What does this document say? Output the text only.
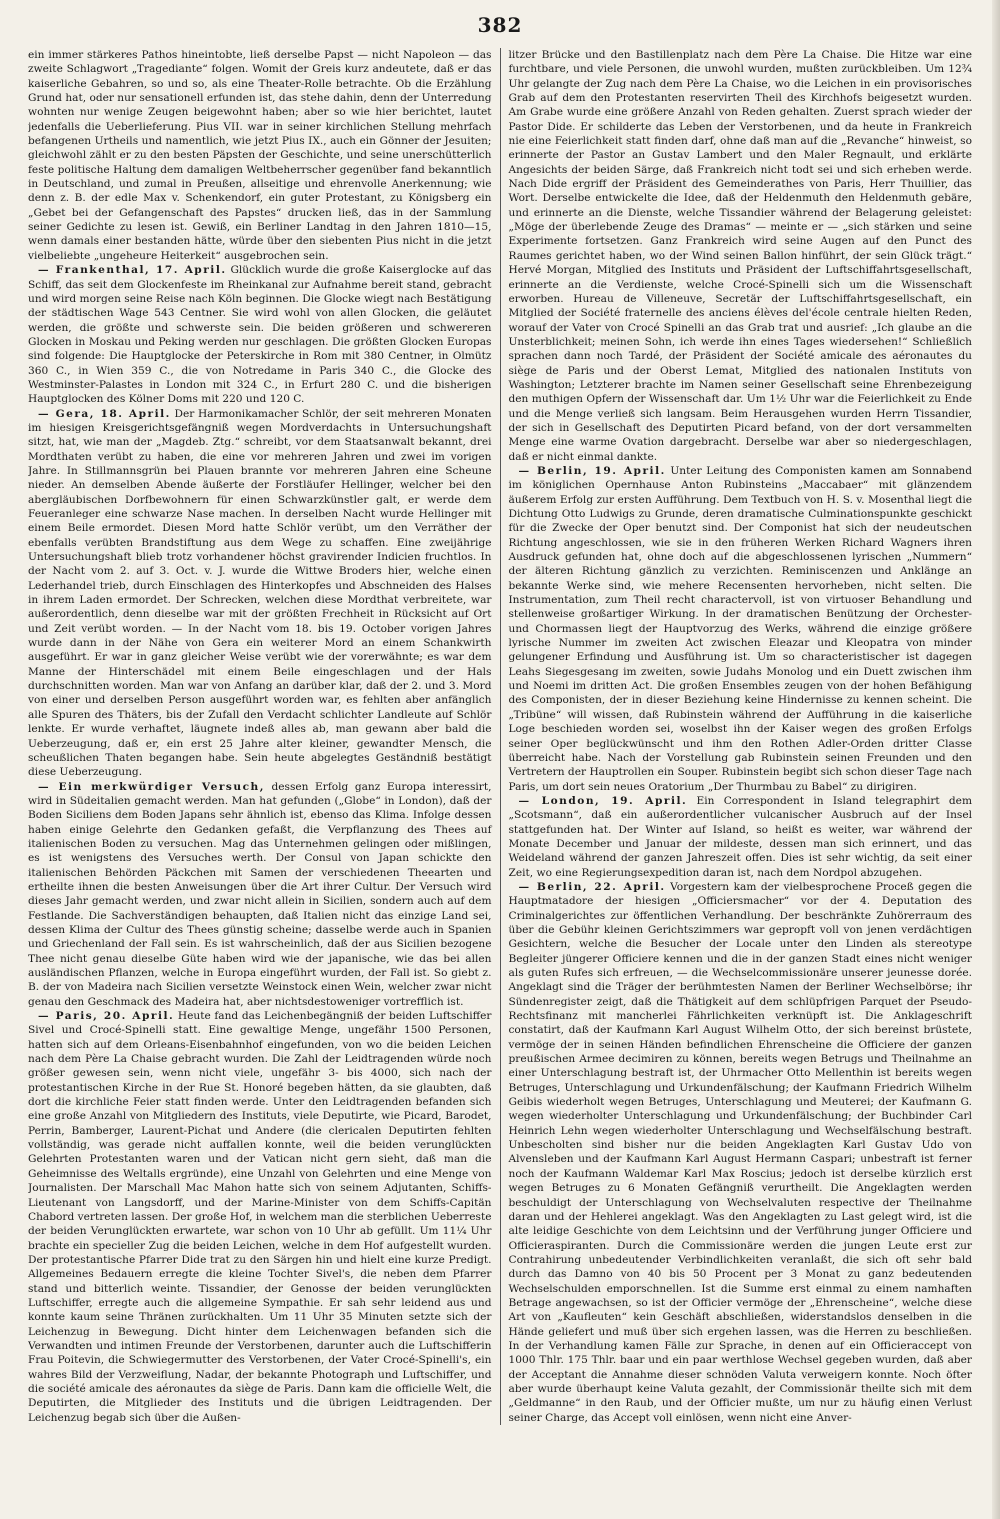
382

ein immer stärkeres Pathos hineintobte, ließ derselbe Papst — nicht Napoleon — das zweite Schlagwort „Tragediante“ folgen. Womit der Greis kurz andeutete, daß er das kaiserliche Gebahren, so und so, als eine Theater-Rolle betrachte. Ob die Erzählung Grund hat, oder nur sensationell erfunden ist, das stehe dahin, denn der Unterredung wohnten nur wenige Zeugen beigewohnt haben; aber so wie hier berichtet, lautet jedenfalls die Ueberlieferung. Pius VII. war in seiner kirchlichen Stellung mehrfach befangenen Urtheils und namentlich, wie jetzt Pius IX., auch ein Gönner der Jesuiten; gleichwohl zählt er zu den besten Päpsten der Geschichte, und seine unerschütterlich feste politische Haltung dem damaligen Weltbeherrscher gegenüber fand bekanntlich in Deutschland, und zumal in Preußen, allseitige und ehrenvolle Anerkennung; wie denn z. B. der edle Max v. Schenkendorf, ein guter Protestant, zu Königsberg ein „Gebet bei der Gefangenschaft des Papstes“ drucken ließ, das in der Sammlung seiner Gedichte zu lesen ist. Gewiß, ein Berliner Landtag in den Jahren 1810—15, wenn damals einer bestanden hätte, würde über den siebenten Pius nicht in die jetzt vielbeliebte „ungeheure Heiterkeit“ ausgebrochen sein.

— Frankenthal, 17. April. Glücklich wurde die große Kaiserglocke auf das Schiff, das seit dem Glockenfeste im Rheinkanal zur Aufnahme bereit stand, gebracht und wird morgen seine Reise nach Köln beginnen. Die Glocke wiegt nach Bestätigung der städtischen Wage 543 Centner. Sie wird wohl von allen Glocken, die geläutet werden, die größte und schwerste sein. Die beiden größeren und schwereren Glocken in Moskau und Peking werden nur geschlagen. Die größten Glocken Europas sind folgende: Die Hauptglocke der Peterskirche in Rom mit 380 Centner, in Olmütz 360 C., in Wien 359 C., die von Notredame in Paris 340 C., die Glocke des Westminster-Palastes in London mit 324 C., in Erfurt 280 C. und die bisherigen Hauptglocken des Kölner Doms mit 220 und 120 C.

— Gera, 18. April. Der Harmonikamacher Schlör, der seit mehreren Monaten im hiesigen Kreisgerichtsgefängniß wegen Mordverdachts in Untersuchungshaft sitzt, hat, wie man der „Magdeb. Ztg.“ schreibt, vor dem Staatsanwalt bekannt, drei Mordthaten verübt zu haben, die eine vor mehreren Jahren und zwei im vorigen Jahre. In Stillmannsgrün bei Plauen brannte vor mehreren Jahren eine Scheune nieder. An demselben Abende äußerte der Forstläufer Hellinger, welcher bei den abergläubischen Dorfbewohnern für einen Schwarzkünstler galt, er werde dem Feueranleger eine schwarze Nase machen. In derselben Nacht wurde Hellinger mit einem Beile ermordet. Diesen Mord hatte Schlör verübt, um den Verräther der ebenfalls verübten Brandstiftung aus dem Wege zu schaffen. Eine zweijährige Untersuchungshaft blieb trotz vorhandener höchst gravirender Indicien fruchtlos. In der Nacht vom 2. auf 3. Oct. v. J. wurde die Wittwe Broders hier, welche einen Lederhandel trieb, durch Einschlagen des Hinterkopfes und Abschneiden des Halses in ihrem Laden ermordet. Der Schrecken, welchen diese Mordthat verbreitete, war außerordentlich, denn dieselbe war mit der größten Frechheit in Rücksicht auf Ort und Zeit verübt worden. — In der Nacht vom 18. bis 19. October vorigen Jahres wurde dann in der Nähe von Gera ein weiterer Mord an einem Schankwirth ausgeführt. Er war in ganz gleicher Weise verübt wie der vorerwähnte; es war dem Manne der Hinterschädel mit einem Beile eingeschlagen und der Hals durchschnitten worden. Man war von Anfang an darüber klar, daß der 2. und 3. Mord von einer und derselben Person ausgeführt worden war, es fehlten aber anfänglich alle Spuren des Thäters, bis der Zufall den Verdacht schlichter Landleute auf Schlör lenkte. Er wurde verhaftet, läugnete indeß alles ab, man gewann aber bald die Ueberzeugung, daß er, ein erst 25 Jahre alter kleiner, gewandter Mensch, die scheußlichen Thaten begangen habe. Sein heute abgelegtes Geständniß bestätigt diese Ueberzeugung.

— Ein merkwürdiger Versuch, dessen Erfolg ganz Europa interessirt, wird in Südeitalien gemacht werden. Man hat gefunden („Globe“ in London), daß der Boden Siciliens dem Boden Japans sehr ähnlich ist, ebenso das Klima. Infolge dessen haben einige Gelehrte den Gedanken gefaßt, die Verpflanzung des Thees auf italienischen Boden zu versuchen. Mag das Unternehmen gelingen oder mißlingen, es ist wenigstens des Versuches werth. Der Consul von Japan schickte den italienischen Behörden Päckchen mit Samen der verschiedenen Theearten und ertheilte ihnen die besten Anweisungen über die Art ihrer Cultur. Der Versuch wird dieses Jahr gemacht werden, und zwar nicht allein in Sicilien, sondern auch auf dem Festlande. Die Sachverständigen behaupten, daß Italien nicht das einzige Land sei, dessen Klima der Cultur des Thees günstig scheine; dasselbe werde auch in Spanien und Griechenland der Fall sein. Es ist wahrscheinlich, daß der aus Sicilien bezogene Thee nicht genau dieselbe Güte haben wird wie der japanische, wie das bei allen ausländischen Pflanzen, welche in Europa eingeführt wurden, der Fall ist. So giebt z. B. der von Madeira nach Sicilien versetzte Weinstock einen Wein, welcher zwar nicht genau den Geschmack des Madeira hat, aber nichtsdestoweniger vortrefflich ist.

— Paris, 20. April. Heute fand das Leichenbegängniß der beiden Luftschiffer Sivel und Crocé-Spinelli statt. Eine gewaltige Menge, ungefähr 1500 Personen, hatten sich auf dem Orleans-Eisenbahnhof eingefunden, von wo die beiden Leichen nach dem Père La Chaise gebracht wurden. Die Zahl der Leidtragenden würde noch größer gewesen sein, wenn nicht viele, ungefähr 3- bis 4000, sich nach der protestantischen Kirche in der Rue St. Honoré begeben hätten, da sie glaubten, daß dort die kirchliche Feier statt finden werde. Unter den Leidtragenden befanden sich eine große Anzahl von Mitgliedern des Instituts, viele Deputirte, wie Picard, Barodet, Perrin, Bamberger, Laurent-Pichat und Andere (die clericalen Deputirten fehlten vollständig, was gerade nicht auffallen konnte, weil die beiden verunglückten Gelehrten Protestanten waren und der Vatican nicht gern sieht, daß man die Geheimnisse des Weltalls ergründe), eine Unzahl von Gelehrten und eine Menge von Journalisten. Der Marschall Mac Mahon hatte sich von seinem Adjutanten, Schiffs-Lieutenant von Langsdorff, und der Marine-Minister von dem Schiffs-Capitän Chabord vertreten lassen. Der große Hof, in welchem man die sterblichen Ueberreste der beiden Verunglückten erwartete, war schon von 10 Uhr ab gefüllt. Um 11¼ Uhr brachte ein specieller Zug die beiden Leichen, welche in dem Hof aufgestellt wurden. Der protestantische Pfarrer Dide trat zu den Särgen hin und hielt eine kurze Predigt. Allgemeines Bedauern erregte die kleine Tochter Sivel's, die neben dem Pfarrer stand und bitterlich weinte. Tissandier, der Genosse der beiden verunglückten Luftschiffer, erregte auch die allgemeine Sympathie. Er sah sehr leidend aus und konnte kaum seine Thränen zurückhalten. Um 11 Uhr 35 Minuten setzte sich der Leichenzug in Bewegung. Dicht hinter dem Leichenwagen befanden sich die Verwandten und intimen Freunde der Verstorbenen, darunter auch die Luftschifferin Frau Poitevin, die Schwiegermutter des Verstorbenen, der Vater Crocé-Spinelli's, ein wahres Bild der Verzweiflung, Nadar, der bekannte Photograph und Luftschiffer, und die société amicale des aéronautes da siège de Paris. Dann kam die officielle Welt, die Deputirten, die Mitglieder des Instituts und die übrigen Leidtragenden. Der Leichenzug begab sich über die Außen-

litzer Brücke und den Bastillenplatz nach dem Père La Chaise. Die Hitze war eine furchtbare, und viele Personen, die unwohl wurden, mußten zurückbleiben. Um 12¾ Uhr gelangte der Zug nach dem Père La Chaise, wo die Leichen in ein provisorisches Grab auf dem den Protestanten reservirten Theil des Kirchhofs beigesetzt wurden. Am Grabe wurde eine größere Anzahl von Reden gehalten. Zuerst sprach wieder der Pastor Dide. Er schilderte das Leben der Verstorbenen, und da heute in Frankreich nie eine Feierlichkeit statt finden darf, ohne daß man auf die „Revanche“ hinweist, so erinnerte der Pastor an Gustav Lambert und den Maler Regnault, und erklärte Angesichts der beiden Särge, daß Frankreich nicht todt sei und sich erheben werde. Nach Dide ergriff der Präsident des Gemeinderathes von Paris, Herr Thuillier, das Wort. Derselbe entwickelte die Idee, daß der Heldenmuth den Heldenmuth gebäre, und erinnerte an die Dienste, welche Tissandier während der Belagerung geleistet: „Möge der überlebende Zeuge des Dramas“ — meinte er — „sich stärken und seine Experimente fortsetzen. Ganz Frankreich wird seine Augen auf den Punct des Raumes gerichtet haben, wo der Wind seinen Ballon hinführt, der sein Glück trägt.“ Hervé Morgan, Mitglied des Instituts und Präsident der Luftschiffahrtsgesellschaft, erinnerte an die Verdienste, welche Crocé-Spinelli sich um die Wissenschaft erworben. Hureau de Villeneuve, Secretär der Luftschiffahrtsgesellschaft, ein Mitglied der Société fraternelle des anciens élèves del'école centrale hielten Reden, worauf der Vater von Crocé Spinelli an das Grab trat und ausrief: „Ich glaube an die Unsterblichkeit; meinen Sohn, ich werde ihn eines Tages wiedersehen!“ Schließlich sprachen dann noch Tardé, der Präsident der Société amicale des aéronautes du siège de Paris und der Oberst Lemat, Mitglied des nationalen Instituts von Washington; Letzterer brachte im Namen seiner Gesellschaft seine Ehrenbezeigung den muthigen Opfern der Wissenschaft dar. Um 1½ Uhr war die Feierlichkeit zu Ende und die Menge verließ sich langsam. Beim Herausgehen wurden Herrn Tissandier, der sich in Gesellschaft des Deputirten Picard befand, von der dort versammelten Menge eine warme Ovation dargebracht. Derselbe war aber so niedergeschlagen, daß er nicht einmal dankte.

— Berlin, 19. April. Unter Leitung des Componisten kamen am Sonnabend im königlichen Opernhause Anton Rubinsteins „Maccabaer“ mit glänzendem äußerem Erfolg zur ersten Aufführung. Dem Textbuch von H. S. v. Mosenthal liegt die Dichtung Otto Ludwigs zu Grunde, deren dramatische Culminationspunkte geschickt für die Zwecke der Oper benutzt sind. Der Componist hat sich der neudeutschen Richtung angeschlossen, wie sie in den früheren Werken Richard Wagners ihren Ausdruck gefunden hat, ohne doch auf die abgeschlossenen lyrischen „Nummern“ der älteren Richtung gänzlich zu verzichten. Reminiscenzen und Anklänge an bekannte Werke sind, wie mehere Recensenten hervorheben, nicht selten. Die Instrumentation, zum Theil recht charactervoll, ist von virtuoser Behandlung und stellenweise großartiger Wirkung. In der dramatischen Benützung der Orchester- und Chormassen liegt der Hauptvorzug des Werks, während die einzige größere lyrische Nummer im zweiten Act zwischen Eleazar und Kleopatra von minder gelungener Erfindung und Ausführung ist. Um so characteristischer ist dagegen Leahs Siegesgesang im zweiten, sowie Judahs Monolog und ein Duett zwischen ihm und Noemi im dritten Act. Die großen Ensembles zeugen von der hohen Befähigung des Componisten, der in dieser Beziehung keine Hindernisse zu kennen scheint. Die „Tribüne“ will wissen, daß Rubinstein während der Aufführung in die kaiserliche Loge beschieden worden sei, woselbst ihn der Kaiser wegen des großen Erfolgs seiner Oper beglückwünscht und ihm den Rothen Adler-Orden dritter Classe überreicht habe. Nach der Vorstellung gab Rubinstein seinen Freunden und den Vertretern der Hauptrollen ein Souper. Rubinstein begibt sich schon dieser Tage nach Paris, um dort sein neues Oratorium „Der Thurmbau zu Babel“ zu dirigiren.

— London, 19. April. Ein Correspondent in Island telegraphirt dem „Scotsmann“, daß ein außerordentlicher vulcanischer Ausbruch auf der Insel stattgefunden hat. Der Winter auf Island, so heißt es weiter, war während der Monate December und Januar der mildeste, dessen man sich erinnert, und das Weideland während der ganzen Jahreszeit offen. Dies ist sehr wichtig, da seit einer Zeit, wo eine Regierungsexpedition daran ist, nach dem Nordpol abzugehen.

— Berlin, 22. April. Vorgestern kam der vielbesprochene Proceß gegen die Hauptmatadore der hiesigen „Officiersmacher“ vor der 4. Deputation des Criminalgerichtes zur öffentlichen Verhandlung. Der beschränkte Zuhörerraum des über die Gebühr kleinen Gerichtszimmers war gepropft voll von jenen verdächtigen Gesichtern, welche die Besucher der Locale unter den Linden als stereotype Begleiter jüngerer Officiere kennen und die in der ganzen Stadt eines nicht weniger als guten Rufes sich erfreuen, — die Wechselcommissionäre unserer jeunesse dorée. Angeklagt sind die Träger der berühmtesten Namen der Berliner Wechselbörse; ihr Sündenregister zeigt, daß die Thätigkeit auf dem schlüpfrigen Parquet der Pseudo-Rechtsfinanz mit mancherlei Fährlichkeiten verknüpft ist. Die Anklageschrift constatirt, daß der Kaufmann Karl August Wilhelm Otto, der sich bereinst brüstete, vermöge der in seinen Händen befindlichen Ehrenscheine die Officiere der ganzen preußischen Armee decimiren zu können, bereits wegen Betrugs und Theilnahme an einer Unterschlagung bestraft ist, der Uhrmacher Otto Mellenthin ist bereits wegen Betruges, Unterschlagung und Urkundenfälschung; der Kaufmann Friedrich Wilhelm Geibis wiederholt wegen Betruges, Unterschlagung und Meuterei; der Kaufmann G. wegen wiederholter Unterschlagung und Urkundenfälschung; der Buchbinder Carl Heinrich Lehn wegen wiederholter Unterschlagung und Wechselfälschung bestraft. Unbescholten sind bisher nur die beiden Angeklagten Karl Gustav Udo von Alvensleben und der Kaufmann Karl August Hermann Caspari; unbestraft ist ferner noch der Kaufmann Waldemar Karl Max Roscius; jedoch ist derselbe kürzlich erst wegen Betruges zu 6 Monaten Gefängniß verurtheilt. Die Angeklagten werden beschuldigt der Unterschlagung von Wechselvaluten respective der Theilnahme daran und der Hehlerei angeklagt. Was den Angeklagten zu Last gelegt wird, ist die alte leidige Geschichte von dem Leichtsinn und der Verführung junger Officiere und Officieraspiranten. Durch die Commissionäre werden die jungen Leute erst zur Contrahirung unbedeutender Verbindlichkeiten veranlaßt, die sich oft sehr bald durch das Damno von 40 bis 50 Procent per 3 Monat zu ganz bedeutenden Wechselschulden emporschnellen. Ist die Summe erst einmal zu einem namhaften Betrage angewachsen, so ist der Officier vermöge der „Ehrenscheine“, welche diese Art von „Kaufleuten“ kein Geschäft abschließen, widerstandslos denselben in die Hände geliefert und muß über sich ergehen lassen, was die Herren zu beschließen. In der Verhandlung kamen Fälle zur Sprache, in denen auf ein Officieraccept von 1000 Thlr. 175 Thlr. baar und ein paar werthlose Wechsel gegeben wurden, daß aber der Acceptant die Annahme dieser schnöden Valuta verweigern konnte. Noch öfter aber wurde überhaupt keine Valuta gezahlt, der Commissionär theilte sich mit dem „Geldmanne“ in den Raub, und der Officier mußte, um nur zu häufig einen Verlust seiner Charge, das Accept voll einlösen, wenn nicht eine Anver-
